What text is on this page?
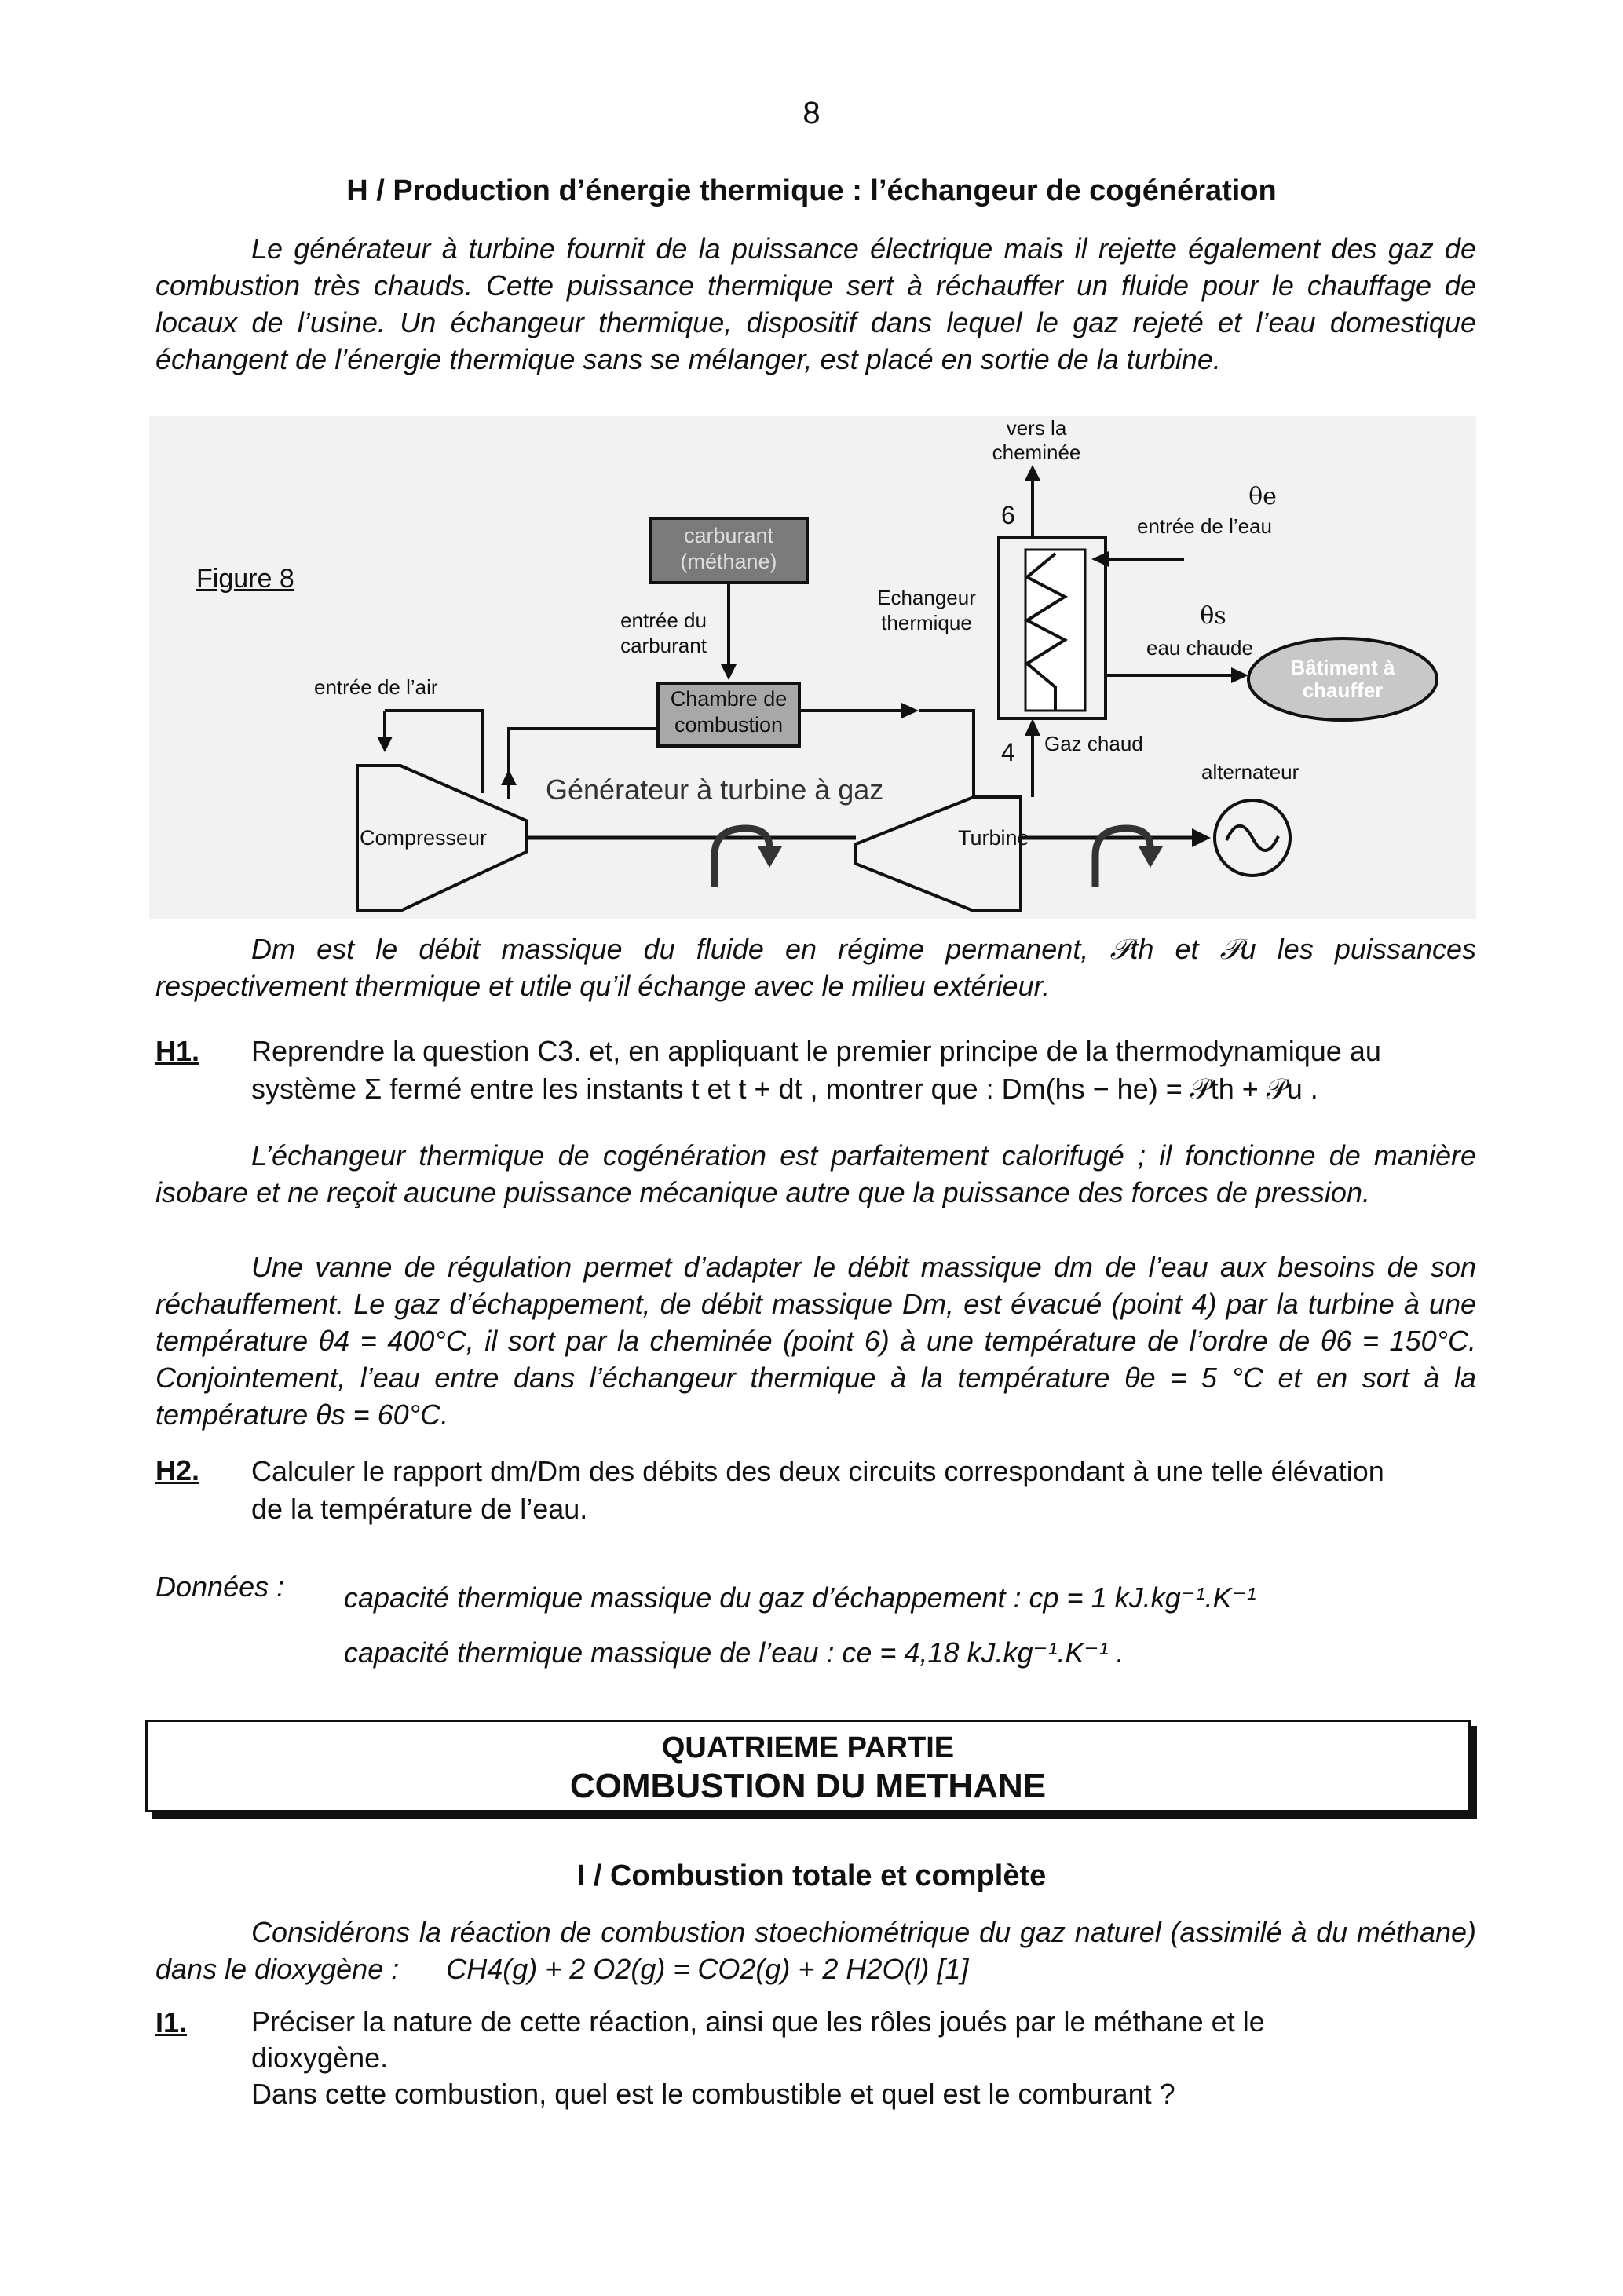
8
H / Production d’énergie thermique : l’échangeur de cogénération
Le générateur à turbine fournit de la puissance électrique mais il rejette également des gaz de combustion très chauds. Cette puissance thermique sert à réchauffer un fluide pour le chauffage de locaux de l’usine. Un échangeur thermique, dispositif dans lequel le gaz rejeté et l’eau domestique échangent de l’énergie thermique sans se mélanger, est placé en sortie de la turbine.
Figure 8
vers la
cheminée
6
4
θe
entrée de l’eau
θs
eau chaude
Bâtiment à
chauffer
carburant
(méthane)
entrée du
carburant
Echangeur
thermique
entrée de l’air	Chambre de
combustion
Gaz chaud
alternateur
Générateur à turbine à gaz
Compresseur	Turbine
Dm est le débit massique du fluide en régime permanent, 𝒫th et 𝒫u les puissances respectivement thermique et utile qu’il échange avec le milieu extérieur.
H1. Reprendre la question C3. et, en appliquant le premier principe de la thermodynamique au
système Σ fermé entre les instants t et t + dt , montrer que : Dm(hs − he) = 𝒫th + 𝒫u .
L’échangeur thermique de cogénération est parfaitement calorifugé ; il fonctionne de manière isobare et ne reçoit aucune puissance mécanique autre que la puissance des forces de pression.
Une vanne de régulation permet d’adapter le débit massique dm de l’eau aux besoins de son réchauffement. Le gaz d’échappement, de débit massique Dm, est évacué (point 4) par la turbine à une température θ4 = 400°C, il sort par la cheminée (point 6) à une température de l’ordre de θ6 = 150°C. Conjointement, l’eau entre dans l’échangeur thermique à la température θe = 5 °C et en sort à la température θs = 60°C.
H2. Calculer le rapport dm/Dm des débits des deux circuits correspondant à une telle élévation
de la température de l’eau.
Données : capacité thermique massique du gaz d’échappement : cp = 1 kJ.kg⁻¹.K⁻¹
capacité thermique massique de l’eau : ce = 4,18 kJ.kg⁻¹.K⁻¹ .
QUATRIEME PARTIE
COMBUSTION DU METHANE
I / Combustion totale et complète
Considérons la réaction de combustion stoechiométrique du gaz naturel (assimilé à du méthane) dans le dioxygène : CH4(g) + 2 O2(g) = CO2(g) + 2 H2O(l) [1]
I1. Préciser la nature de cette réaction, ainsi que les rôles joués par le méthane et le
dioxygène.
Dans cette combustion, quel est le combustible et quel est le comburant ?
